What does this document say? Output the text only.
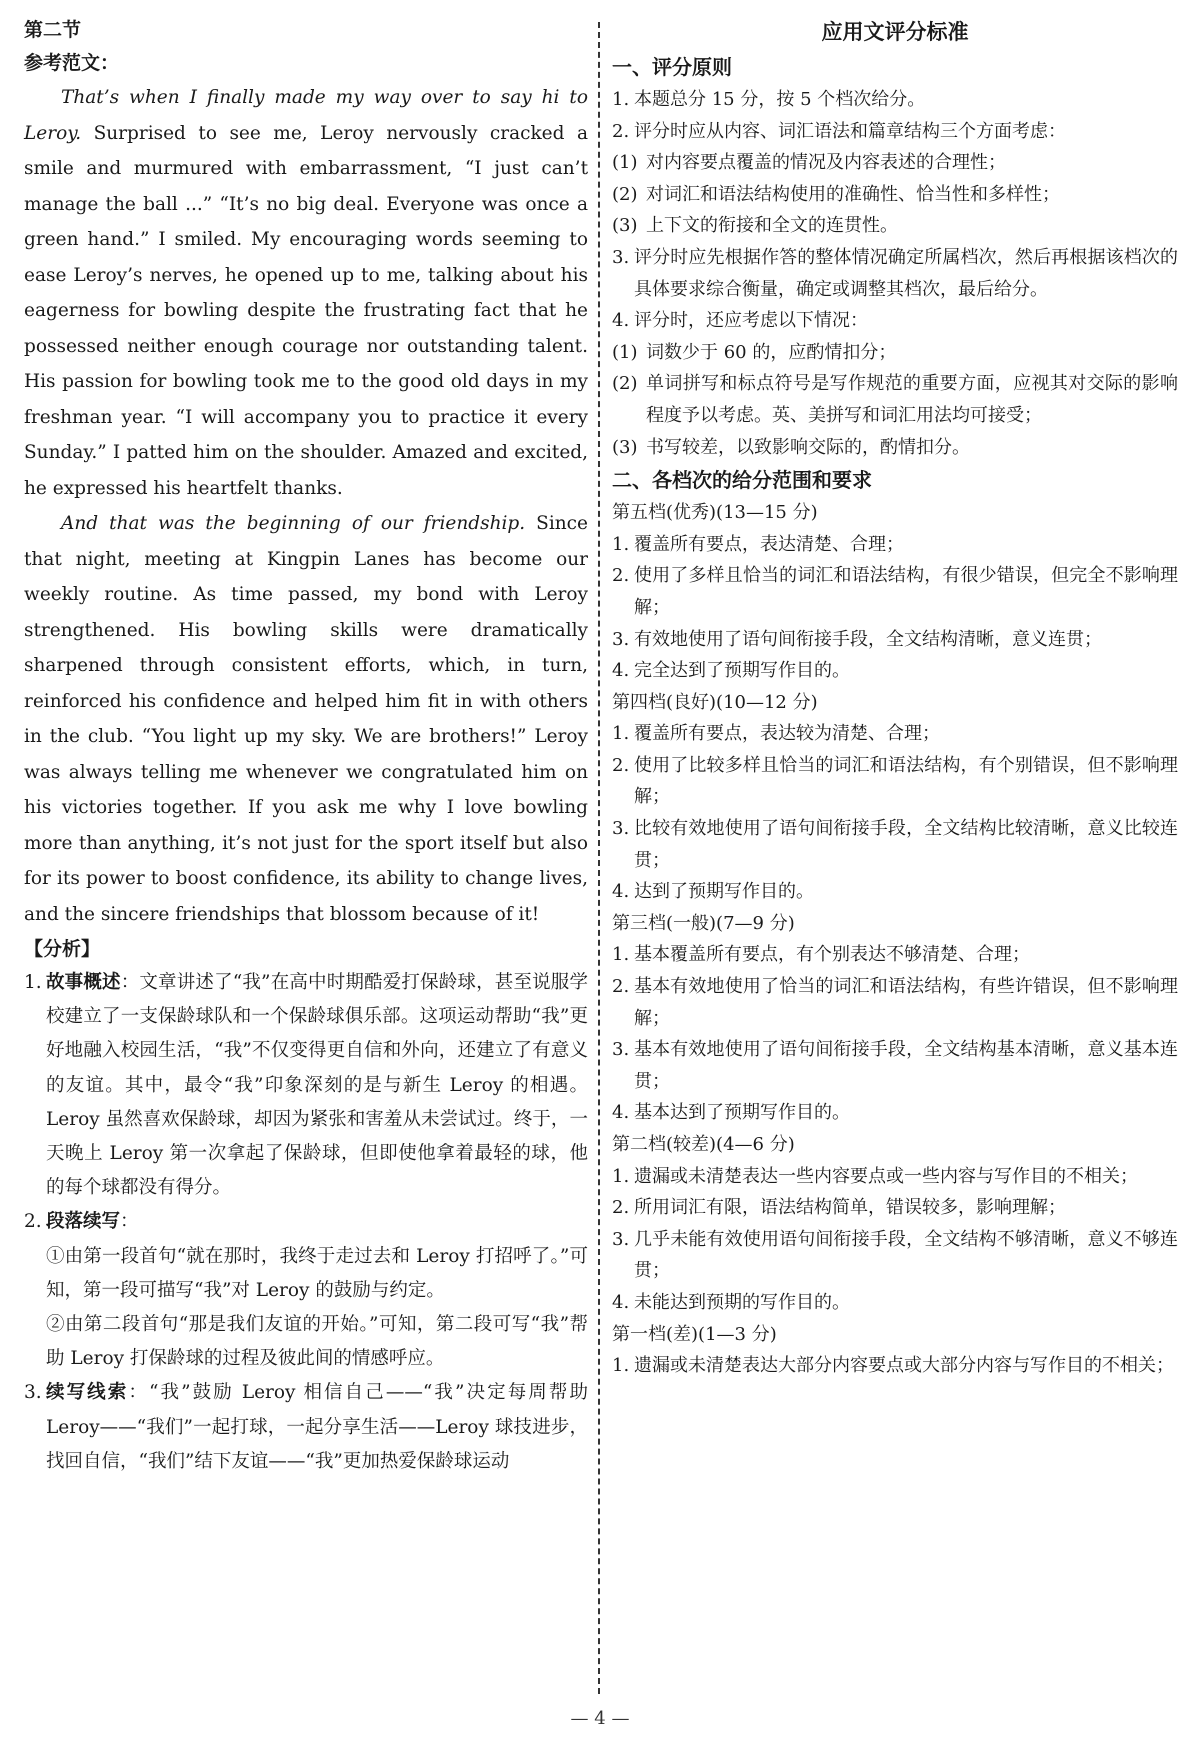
第二节
参考范文：

That’s when I finally made my way over to say hi to Leroy. Surprised to see me, Leroy nervously cracked a smile and murmured with embarrassment, “I just can’t manage the ball ...” “It’s no big deal. Everyone was once a green hand.” I smiled. My encouraging words seeming to ease Leroy’s nerves, he opened up to me, talking about his eagerness for bowling despite the frustrating fact that he possessed neither enough courage nor outstanding talent. His passion for bowling took me to the good old days in my freshman year. “I will accompany you to practice it every Sunday.” I patted him on the shoulder. Amazed and excited, he expressed his heartfelt thanks.

And that was the beginning of our friendship. Since that night, meeting at Kingpin Lanes has become our weekly routine. As time passed, my bond with Leroy strengthened. His bowling skills were dramatically sharpened through consistent efforts, which, in turn, reinforced his confidence and helped him fit in with others in the club. “You light up my sky. We are brothers!” Leroy was always telling me whenever we congratulated him on his victories together. If you ask me why I love bowling more than anything, it’s not just for the sport itself but also for its power to boost confidence, its ability to change lives, and the sincere friendships that blossom because of it!

【分析】
1. 故事概述：文章讲述了“我”在高中时期酷爱打保龄球，甚至说服学校建立了一支保龄球队和一个保龄球俱乐部。这项运动帮助“我”更好地融入校园生活，“我”不仅变得更自信和外向，还建立了有意义的友谊。其中，最令“我”印象深刻的是与新生 Leroy 的相遇。Leroy 虽然喜欢保龄球，却因为紧张和害羞从未尝试过。终于，一天晚上 Leroy 第一次拿起了保龄球，但即使他拿着最轻的球，他的每个球都没有得分。
2. 段落续写：
①由第一段首句“就在那时，我终于走过去和 Leroy 打招呼了。”可知，第一段可描写“我”对 Leroy 的鼓励与约定。
②由第二段首句“那是我们友谊的开始。”可知，第二段可写“我”帮助 Leroy 打保龄球的过程及彼此间的情感呼应。
3. 续写线索：“我”鼓励 Leroy 相信自己——“我”决定每周帮助 Leroy——“我们”一起打球，一起分享生活——Leroy 球技进步，找回自信，“我们”结下友谊——“我”更加热爱保龄球运动
应用文评分标准
一、评分原则
1. 本题总分 15 分，按 5 个档次给分。
2. 评分时应从内容、词汇语法和篇章结构三个方面考虑：
(1) 对内容要点覆盖的情况及内容表述的合理性；
(2) 对词汇和语法结构使用的准确性、恰当性和多样性；
(3) 上下文的衔接和全文的连贯性。
3. 评分时应先根据作答的整体情况确定所属档次，然后再根据该档次的具体要求综合衡量，确定或调整其档次，最后给分。
4. 评分时，还应考虑以下情况：
(1) 词数少于 60 的，应酌情扣分；
(2) 单词拼写和标点符号是写作规范的重要方面，应视其对交际的影响程度予以考虑。英、美拼写和词汇用法均可接受；
(3) 书写较差，以致影响交际的，酌情扣分。
二、各档次的给分范围和要求
第五档(优秀)(13—15 分)
1. 覆盖所有要点，表达清楚、合理；
2. 使用了多样且恰当的词汇和语法结构，有很少错误，但完全不影响理解；
3. 有效地使用了语句间衔接手段，全文结构清晰，意义连贯；
4. 完全达到了预期写作目的。
第四档(良好)(10—12 分)
1. 覆盖所有要点，表达较为清楚、合理；
2. 使用了比较多样且恰当的词汇和语法结构，有个别错误，但不影响理解；
3. 比较有效地使用了语句间衔接手段，全文结构比较清晰，意义比较连贯；
4. 达到了预期写作目的。
第三档(一般)(7—9 分)
1. 基本覆盖所有要点，有个别表达不够清楚、合理；
2. 基本有效地使用了恰当的词汇和语法结构，有些许错误，但不影响理解；
3. 基本有效地使用了语句间衔接手段，全文结构基本清晰，意义基本连贯；
4. 基本达到了预期写作目的。
第二档(较差)(4—6 分)
1. 遗漏或未清楚表达一些内容要点或一些内容与写作目的不相关；
2. 所用词汇有限，语法结构简单，错误较多，影响理解；
3. 几乎未能有效使用语句间衔接手段，全文结构不够清晰，意义不够连贯；
4. 未能达到预期的写作目的。
第一档(差)(1—3 分)
1. 遗漏或未清楚表达大部分内容要点或大部分内容与写作目的不相关；
— 4 —
